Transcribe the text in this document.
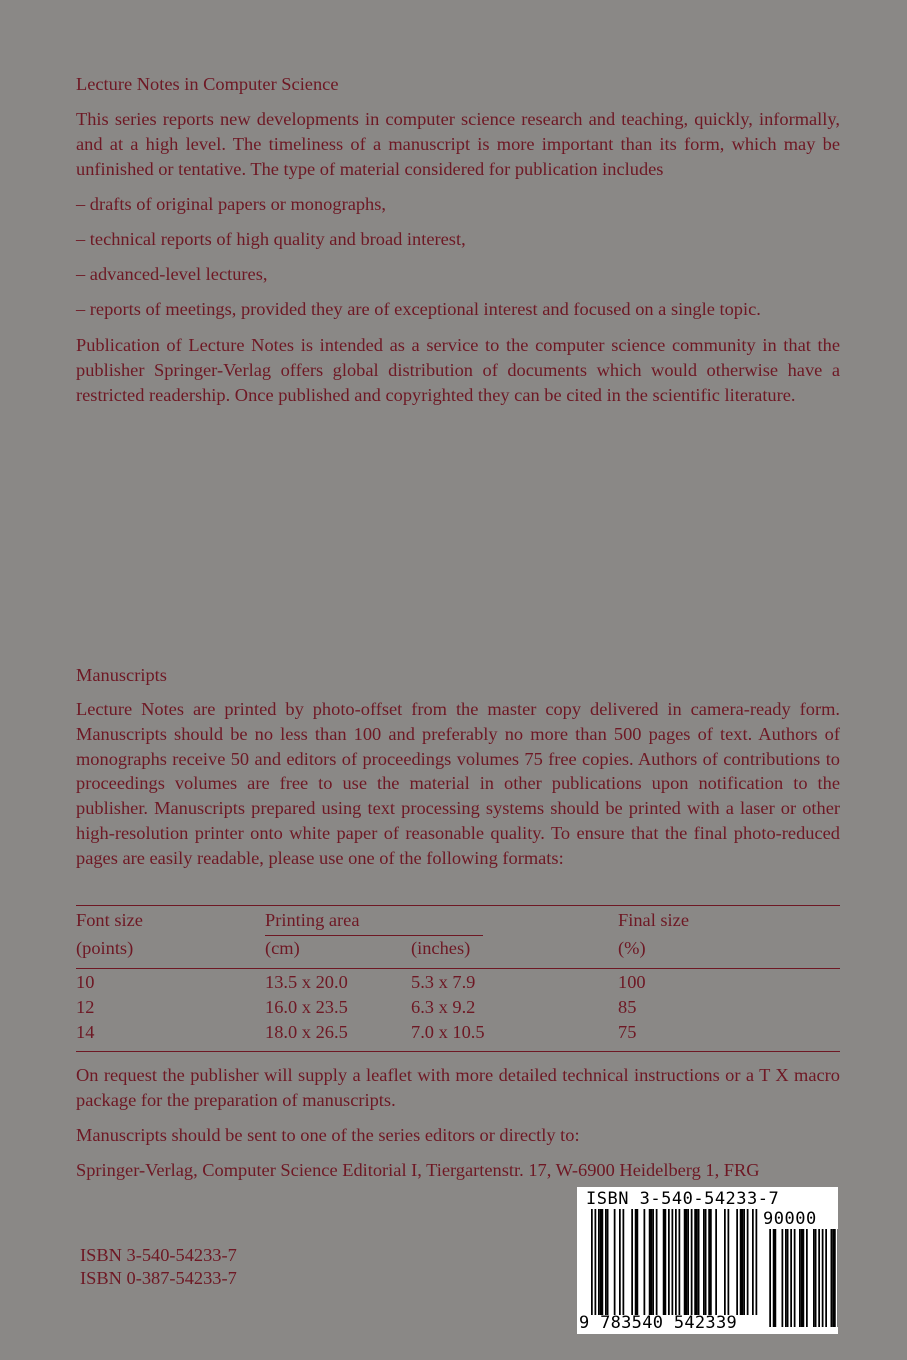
Lecture Notes in Computer Science

This series reports new developments in computer science research and teaching, quickly, informally, and at a high level. The timeliness of a manuscript is more important than its form, which may be unfinished or tentative. The type of material considered for publication includes

– drafts of original papers or monographs,
– technical reports of high quality and broad interest,
– advanced-level lectures,
– reports of meetings, provided they are of exceptional interest and focused on a single topic.

Publication of Lecture Notes is intended as a service to the computer science community in that the publisher Springer-Verlag offers global distribution of documents which would otherwise have a restricted readership. Once published and copyrighted they can be cited in the scientific literature.

Manuscripts

Lecture Notes are printed by photo-offset from the master copy delivered in camera-ready form. Manuscripts should be no less than 100 and preferably no more than 500 pages of text. Authors of monographs receive 50 and editors of proceedings volumes 75 free copies. Authors of contributions to proceedings volumes are free to use the material in other publications upon notification to the publisher. Manuscripts prepared using text processing systems should be printed with a laser or other high-resolution printer onto white paper of reasonable quality. To ensure that the final photo-reduced pages are easily readable, please use one of the following formats:

Font size	Printing area	Final size
(points)	(cm)	(inches)	(%)
10	13.5 x 20.0	5.3 x 7.9	100
12	16.0 x 23.5	6.3 x 9.2	85
14	18.0 x 26.5	7.0 x 10.5	75

On request the publisher will supply a leaflet with more detailed technical instructions or a T X macro package for the preparation of manuscripts.

Manuscripts should be sent to one of the series editors or directly to:
Springer-Verlag, Computer Science Editorial I, Tiergartenstr. 17, W-6900 Heidelberg 1, FRG
ISBN 3-540-54233-7
ISBN 0-387-54233-7
ISBN 3-540-54233-7
90000
9 783540 542339
